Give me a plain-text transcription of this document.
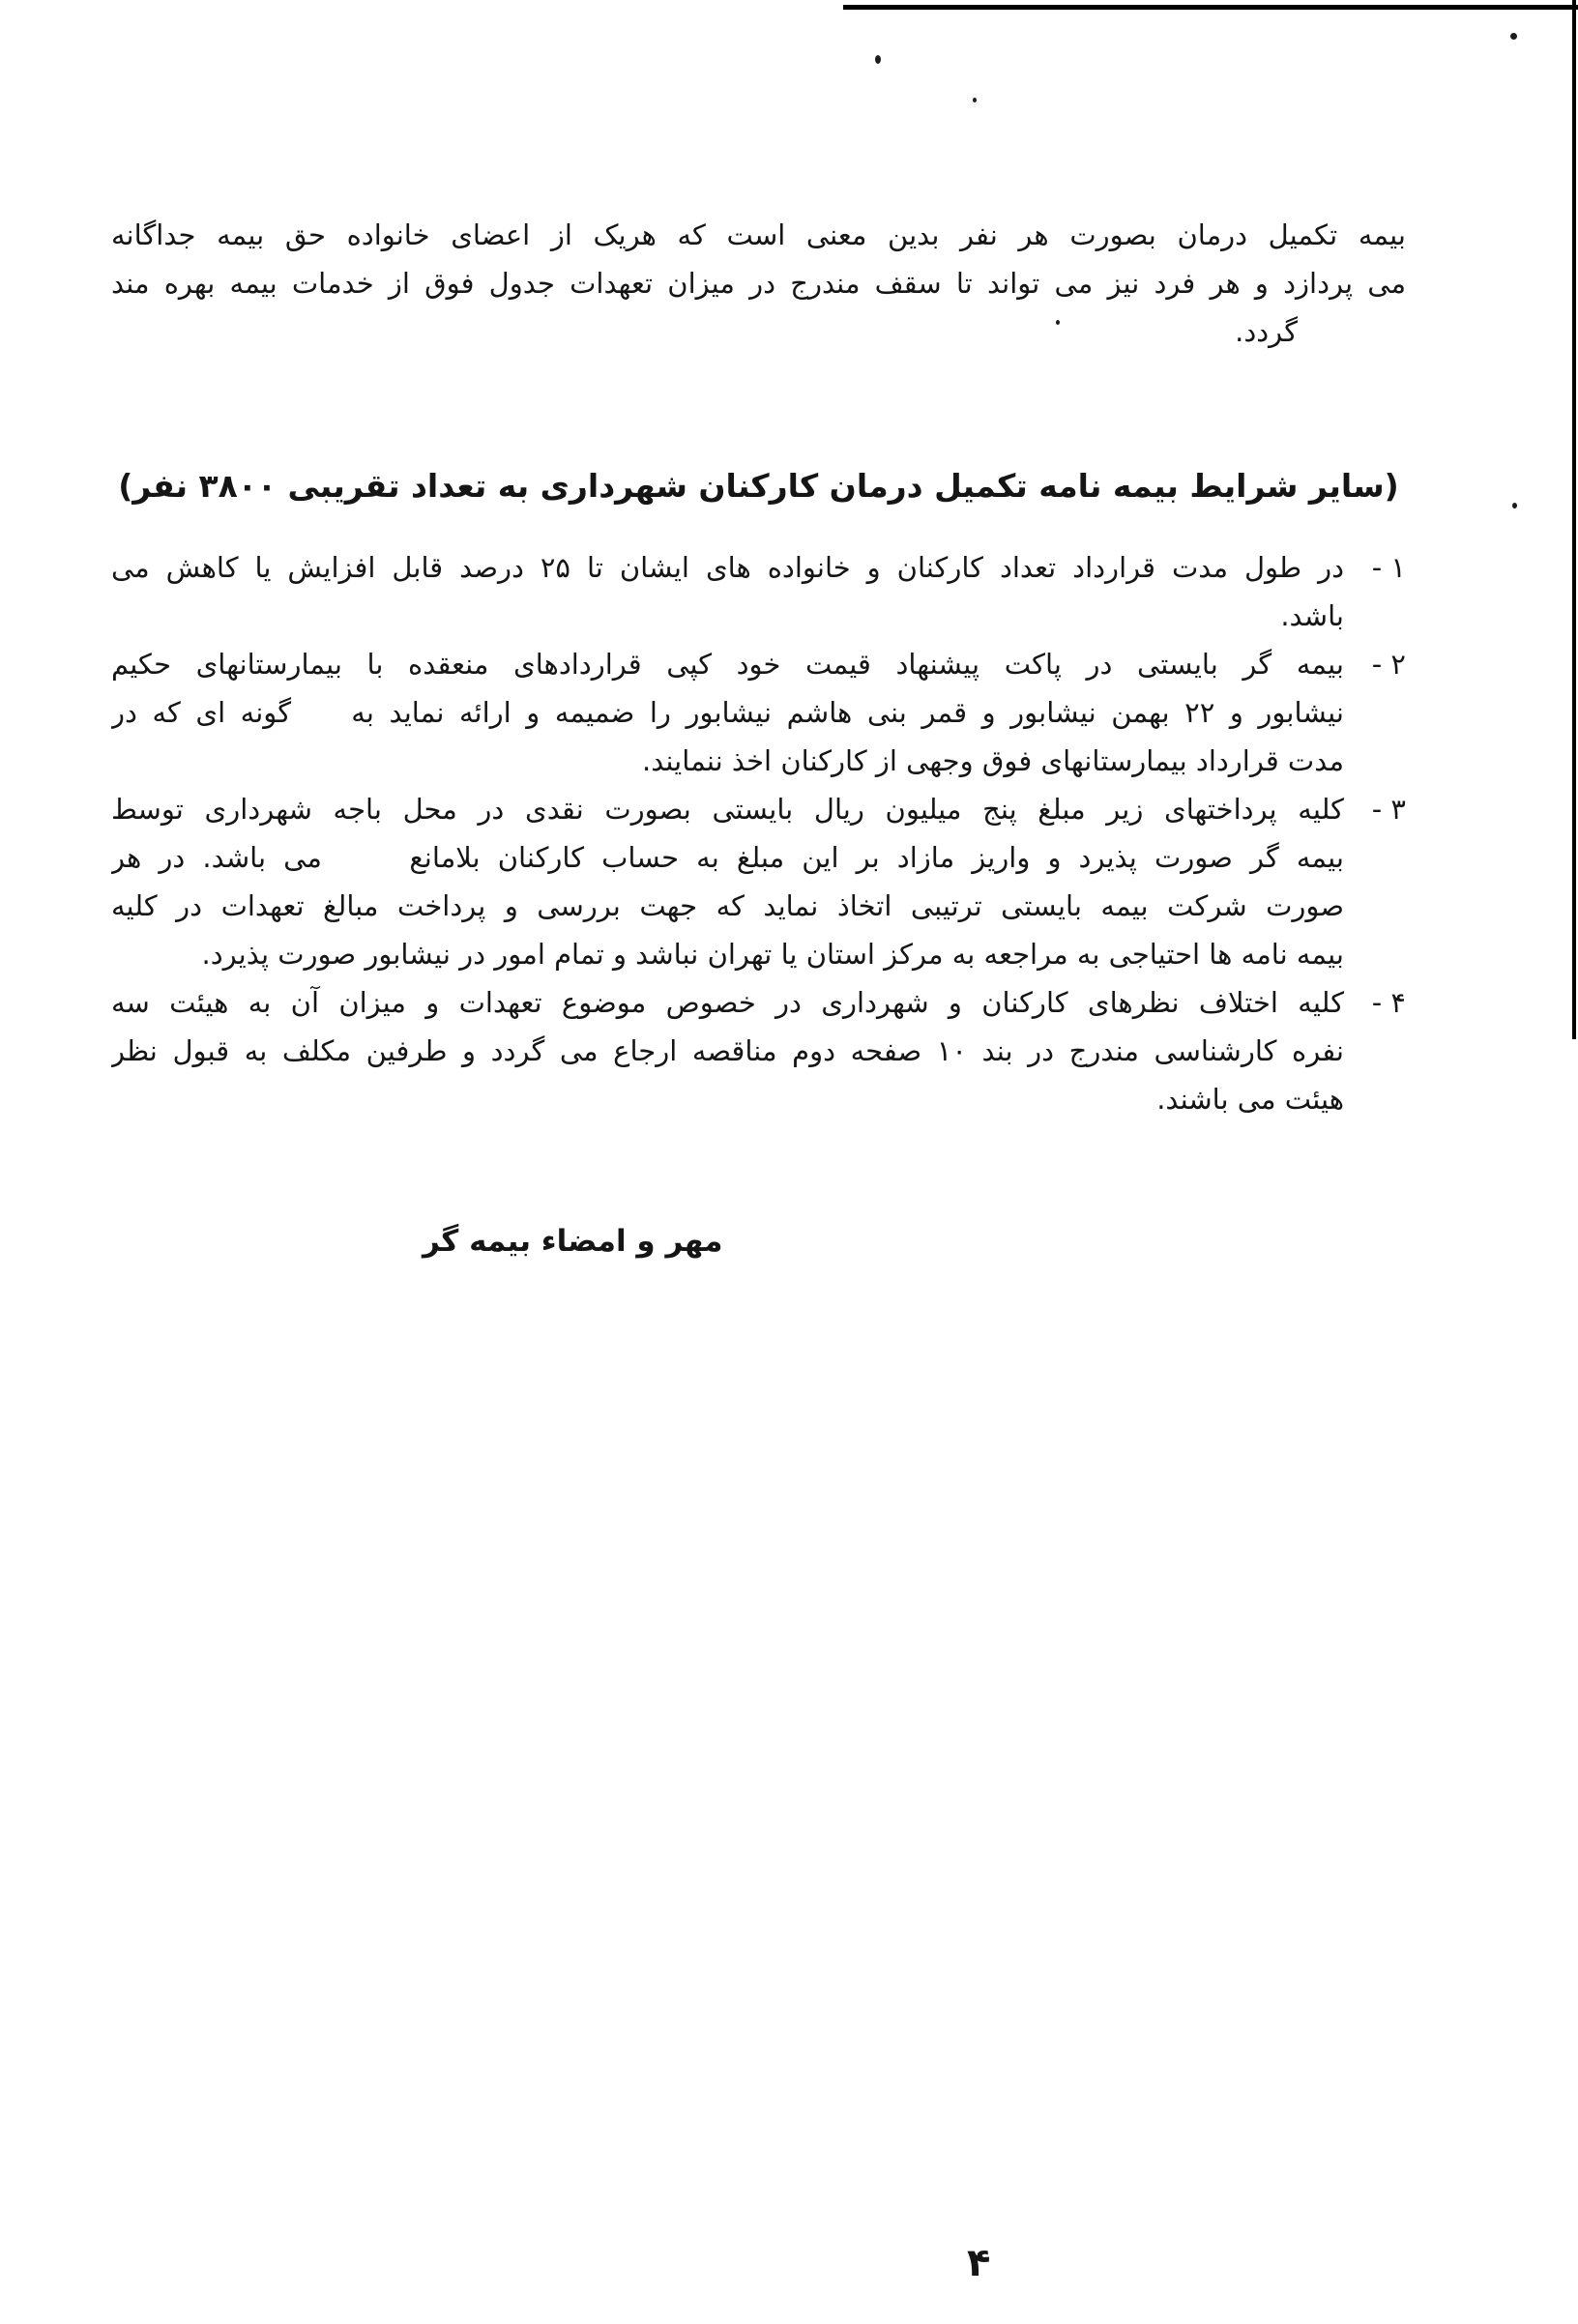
بیمه تکمیل درمان بصورت هر نفر بدین معنی است که هریک از اعضای خانواده حق بیمه جداگانه
می پردازد و هر فرد نیز می تواند تا سقف مندرج در میزان تعهدات جدول فوق از خدمات بیمه بهره مند
گردد.
(سایر شرایط بیمه نامه تکمیل درمان کارکنان شهرداری به تعداد تقریبی ۳۸۰۰ نفر)
۱ -
در طول مدت قرارداد تعداد کارکنان و خانواده های ایشان تا ۲۵ درصد قابل افزایش یا کاهش می
باشد.
۲ -
بیمه گر بایستی در پاکت پیشنهاد قیمت خود کپی قراردادهای منعقده با بیمارستانهای حکیم
نیشابور و ۲۲ بهمن نیشابور و قمر بنی هاشم نیشابور را ضمیمه و ارائه نماید به    گونه ای که در
مدت قرارداد بیمارستانهای فوق وجهی از کارکنان اخذ ننمایند.
۳ -
کلیه پرداختهای زیر مبلغ پنج میلیون ریال بایستی بصورت نقدی در محل باجه شهرداری توسط
بیمه گر صورت پذیرد و واریز مازاد بر این مبلغ به حساب کارکنان بلامانع     می باشد. در هر
صورت شرکت بیمه بایستی ترتیبی اتخاذ نماید که جهت بررسی و پرداخت مبالغ تعهدات در کلیه
بیمه نامه ها احتیاجی به مراجعه به مرکز استان یا تهران نباشد و تمام امور در نیشابور صورت پذیرد.
۴ -
کلیه اختلاف نظرهای کارکنان و شهرداری در خصوص موضوع تعهدات و میزان آن به هیئت سه
نفره کارشناسی مندرج در بند ۱۰ صفحه دوم مناقصه ارجاع می گردد و طرفین مکلف به قبول نظر
هیئت می باشند.
مهر و امضاء بیمه گر
۴
